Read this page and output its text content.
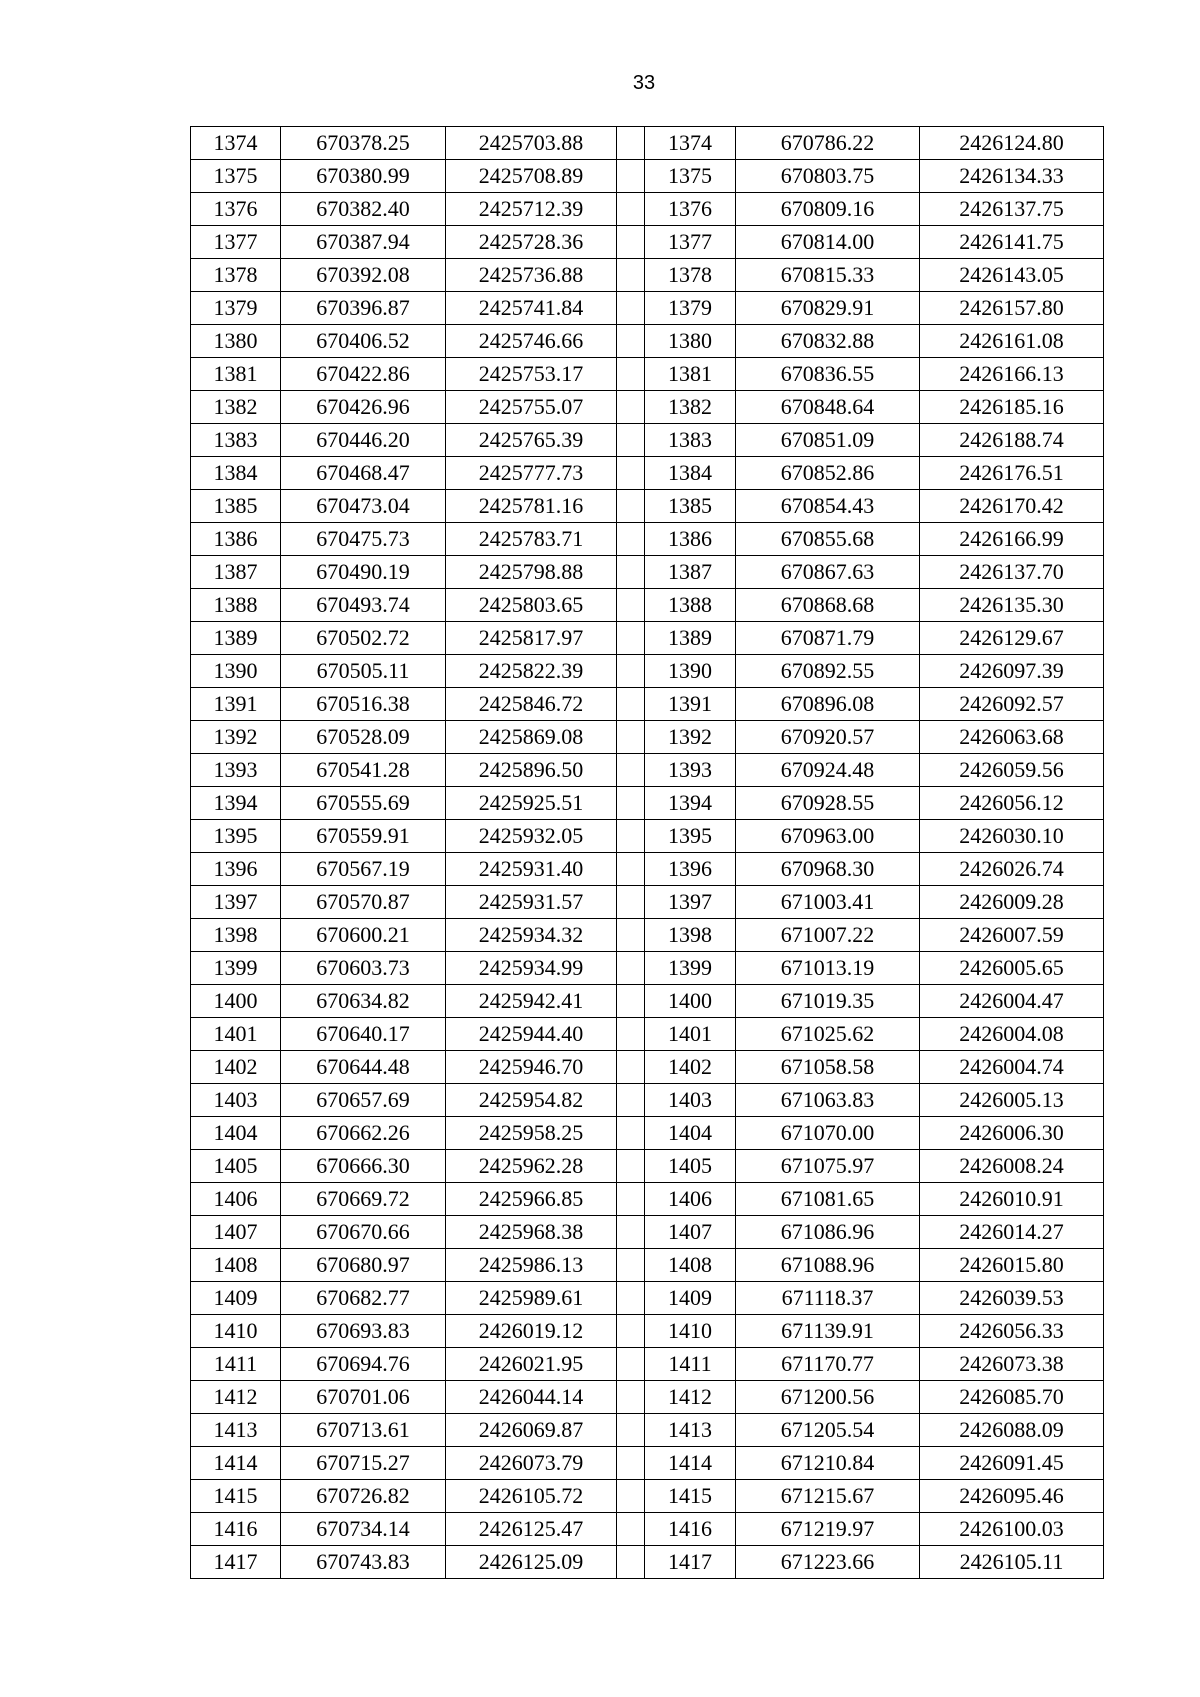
33
1374	670378.25	2425703.88		1374	670786.22	2426124.80
1375	670380.99	2425708.89		1375	670803.75	2426134.33
1376	670382.40	2425712.39		1376	670809.16	2426137.75
1377	670387.94	2425728.36		1377	670814.00	2426141.75
1378	670392.08	2425736.88		1378	670815.33	2426143.05
1379	670396.87	2425741.84		1379	670829.91	2426157.80
1380	670406.52	2425746.66		1380	670832.88	2426161.08
1381	670422.86	2425753.17		1381	670836.55	2426166.13
1382	670426.96	2425755.07		1382	670848.64	2426185.16
1383	670446.20	2425765.39		1383	670851.09	2426188.74
1384	670468.47	2425777.73		1384	670852.86	2426176.51
1385	670473.04	2425781.16		1385	670854.43	2426170.42
1386	670475.73	2425783.71		1386	670855.68	2426166.99
1387	670490.19	2425798.88		1387	670867.63	2426137.70
1388	670493.74	2425803.65		1388	670868.68	2426135.30
1389	670502.72	2425817.97		1389	670871.79	2426129.67
1390	670505.11	2425822.39		1390	670892.55	2426097.39
1391	670516.38	2425846.72		1391	670896.08	2426092.57
1392	670528.09	2425869.08		1392	670920.57	2426063.68
1393	670541.28	2425896.50		1393	670924.48	2426059.56
1394	670555.69	2425925.51		1394	670928.55	2426056.12
1395	670559.91	2425932.05		1395	670963.00	2426030.10
1396	670567.19	2425931.40		1396	670968.30	2426026.74
1397	670570.87	2425931.57		1397	671003.41	2426009.28
1398	670600.21	2425934.32		1398	671007.22	2426007.59
1399	670603.73	2425934.99		1399	671013.19	2426005.65
1400	670634.82	2425942.41		1400	671019.35	2426004.47
1401	670640.17	2425944.40		1401	671025.62	2426004.08
1402	670644.48	2425946.70		1402	671058.58	2426004.74
1403	670657.69	2425954.82		1403	671063.83	2426005.13
1404	670662.26	2425958.25		1404	671070.00	2426006.30
1405	670666.30	2425962.28		1405	671075.97	2426008.24
1406	670669.72	2425966.85		1406	671081.65	2426010.91
1407	670670.66	2425968.38		1407	671086.96	2426014.27
1408	670680.97	2425986.13		1408	671088.96	2426015.80
1409	670682.77	2425989.61		1409	671118.37	2426039.53
1410	670693.83	2426019.12		1410	671139.91	2426056.33
1411	670694.76	2426021.95		1411	671170.77	2426073.38
1412	670701.06	2426044.14		1412	671200.56	2426085.70
1413	670713.61	2426069.87		1413	671205.54	2426088.09
1414	670715.27	2426073.79		1414	671210.84	2426091.45
1415	670726.82	2426105.72		1415	671215.67	2426095.46
1416	670734.14	2426125.47		1416	671219.97	2426100.03
1417	670743.83	2426125.09		1417	671223.66	2426105.11
